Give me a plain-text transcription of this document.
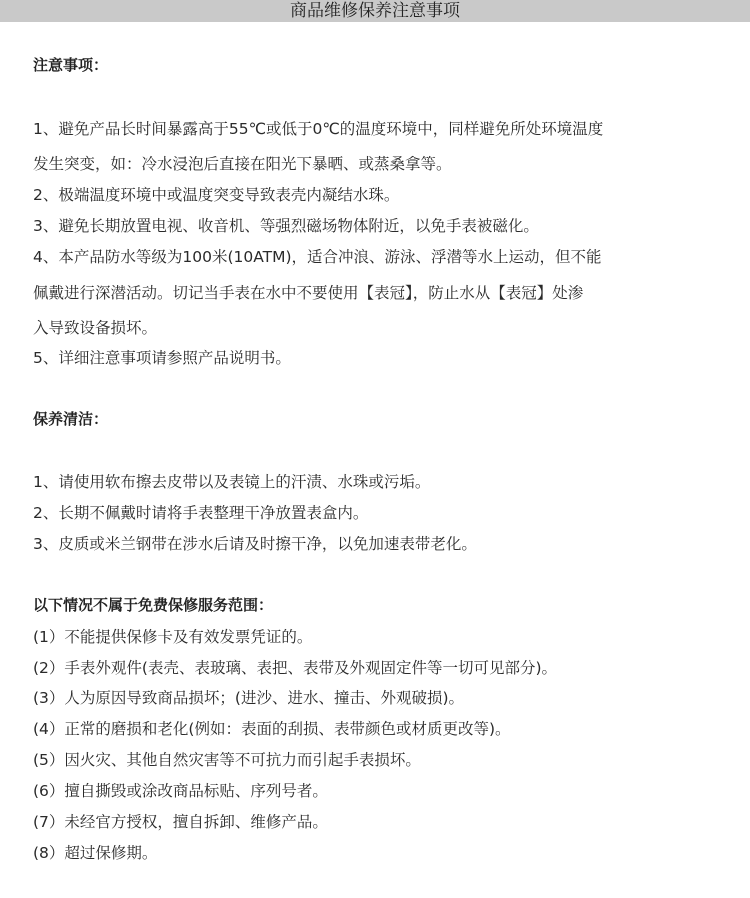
商品维修保养注意事项
注意事项：
1、避免产品长时间暴露高于55℃或低于0℃的温度环境中，同样避免所处环境温度
发生突变，如：冷水浸泡后直接在阳光下暴晒、或蒸桑拿等。
2、极端温度环境中或温度突变导致表壳内凝结水珠。
3、避免长期放置电视、收音机、等强烈磁场物体附近，以免手表被磁化。
4、本产品防水等级为100米(10ATM)，适合冲浪、游泳、浮潜等水上运动，但不能
佩戴进行深潜活动。切记当手表在水中不要使用【表冠】，防止水从【表冠】处渗
入导致设备损坏。
5、详细注意事项请参照产品说明书。
保养清洁：
1、请使用软布擦去皮带以及表镜上的汗渍、水珠或污垢。
2、长期不佩戴时请将手表整理干净放置表盒内。
3、皮质或米兰钢带在涉水后请及时擦干净，以免加速表带老化。
以下情况不属于免费保修服务范围：
(1）不能提供保修卡及有效发票凭证的。
(2）手表外观件(表壳、表玻璃、表把、表带及外观固定件等一切可见部分)。
(3）人为原因导致商品损坏；(进沙、进水、撞击、外观破损)。
(4）正常的磨损和老化(例如：表面的刮损、表带颜色或材质更改等)。
(5）因火灾、其他自然灾害等不可抗力而引起手表损坏。
(6）擅自撕毁或涂改商品标贴、序列号者。
(7）未经官方授权，擅自拆卸、维修产品。
(8）超过保修期。
